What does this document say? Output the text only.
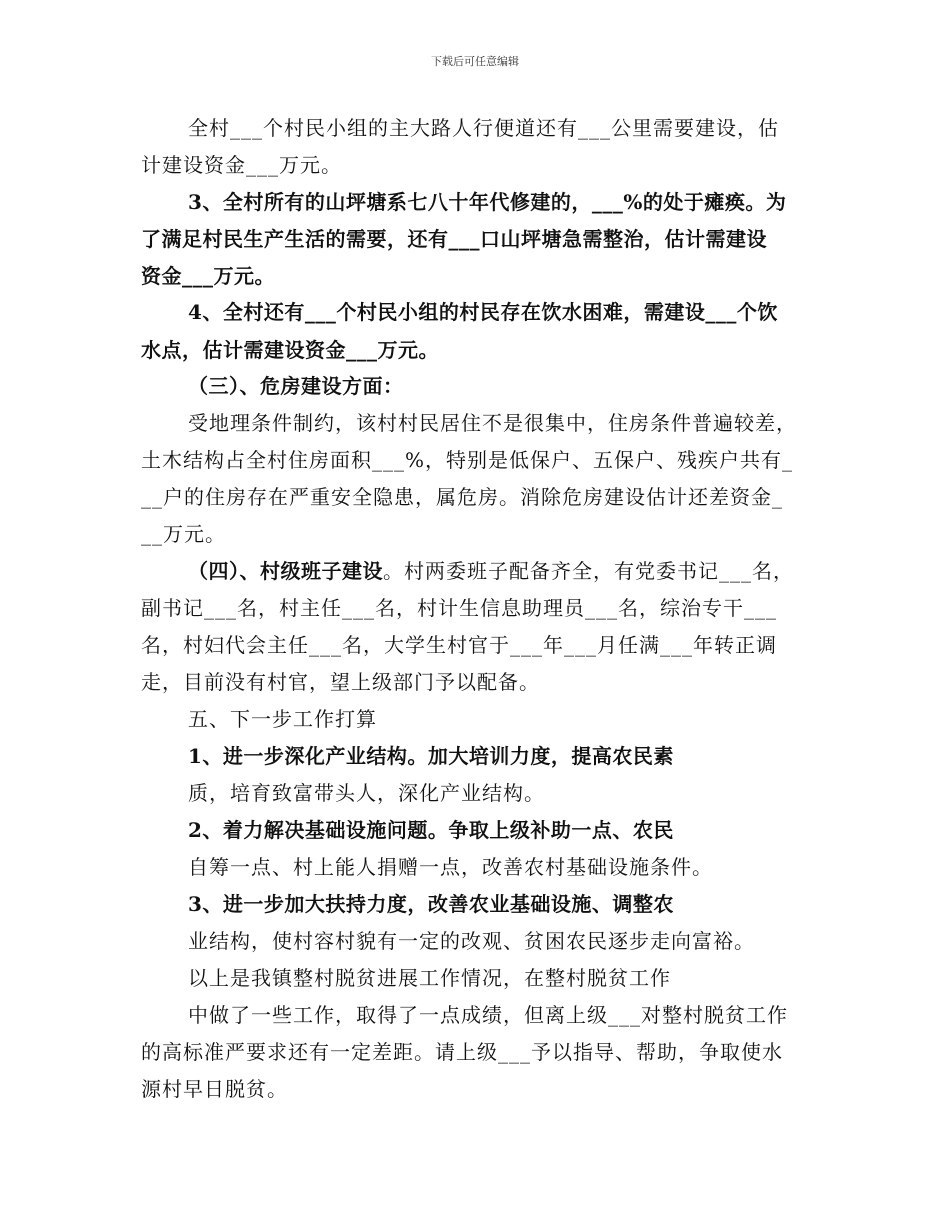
下载后可任意编辑
全村___个村民小组的主大路人行便道还有___公里需要建设，估
计建设资金___万元。
3、全村所有的山坪塘系七八十年代修建的，___%的处于瘫痪。为
了满足村民生产生活的需要，还有___口山坪塘急需整治，估计需建设
资金___万元。
4、全村还有___个村民小组的村民存在饮水困难，需建设___个饮
水点，估计需建设资金___万元。
（三）、危房建设方面：
受地理条件制约，该村村民居住不是很集中，住房条件普遍较差，
土木结构占全村住房面积___%，特别是低保户、五保户、残疾户共有_
__户的住房存在严重安全隐患，属危房。消除危房建设估计还差资金_
__万元。
（四）、村级班子建设。村两委班子配备齐全，有党委书记___名，
副书记___名，村主任___名，村计生信息助理员___名，综治专干___
名，村妇代会主任___名，大学生村官于___年___月任满___年转正调
走，目前没有村官，望上级部门予以配备。
五、下一步工作打算
1、进一步深化产业结构。加大培训力度，提高农民素
质，培育致富带头人，深化产业结构。
2、着力解决基础设施问题。争取上级补助一点、农民
自筹一点、村上能人捐赠一点，改善农村基础设施条件。
3、进一步加大扶持力度，改善农业基础设施、调整农
业结构，使村容村貌有一定的改观、贫困农民逐步走向富裕。
以上是我镇整村脱贫进展工作情况，在整村脱贫工作
中做了一些工作，取得了一点成绩，但离上级___对整村脱贫工作
的高标准严要求还有一定差距。请上级___予以指导、帮助，争取使水
源村早日脱贫。
